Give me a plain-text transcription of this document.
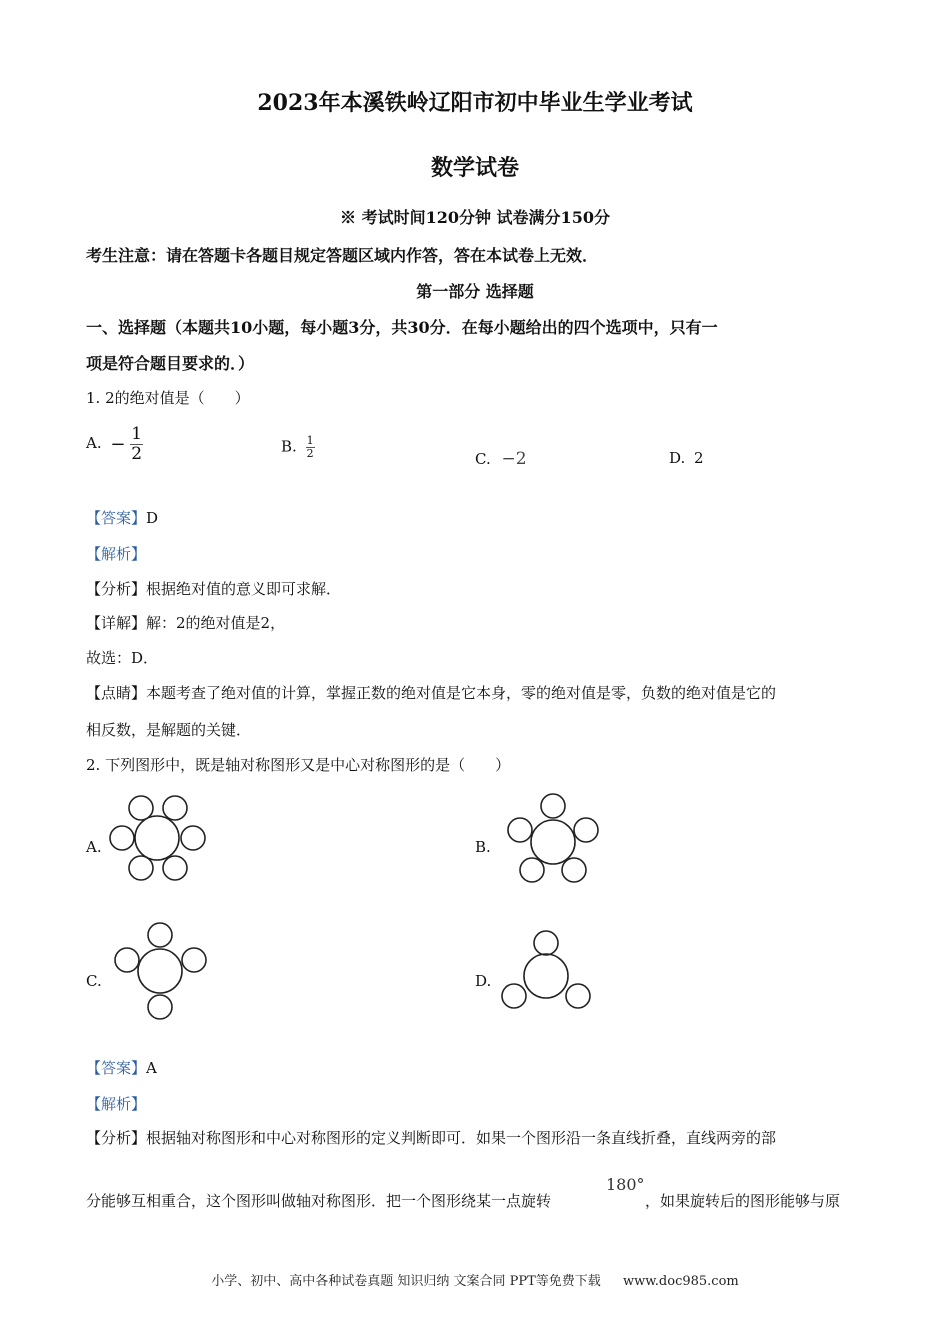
2023年本溪铁岭辽阳市初中毕业生学业考试
数学试卷
※ 考试时间120分钟 试卷满分150分
考生注意：请在答题卡各题目规定答题区域内作答，答在本试卷上无效．
第一部分 选择题
一、选择题（本题共10小题，每小题3分，共30分．在每小题给出的四个选项中，只有一
项是符合题目要求的．）
1. 2的绝对值是（　　）
A. − $\frac{1}{2}$	B. $\frac{1}{2}$	C. −2	D. 2
【答案】D
【解析】
【分析】根据绝对值的意义即可求解．
【详解】解：2的绝对值是2，
故选：D．
【点睛】本题考查了绝对值的计算，掌握正数的绝对值是它本身，零的绝对值是零，负数的绝对值是它的
相反数，是解题的关键．
2. 下列图形中，既是轴对称图形又是中心对称图形的是（　　）
A.	B.
C.	D.
【答案】A
【解析】
【分析】根据轴对称图形和中心对称图形的定义判断即可．如果一个图形沿一条直线折叠，直线两旁的部
分能够互相重合，这个图形叫做轴对称图形．把一个图形绕某一点旋转
180°
，如果旋转后的图形能够与原
小学、初中、高中各种试卷真题 知识归纳 文案合同 PPT等免费下载 www.doc985.com
